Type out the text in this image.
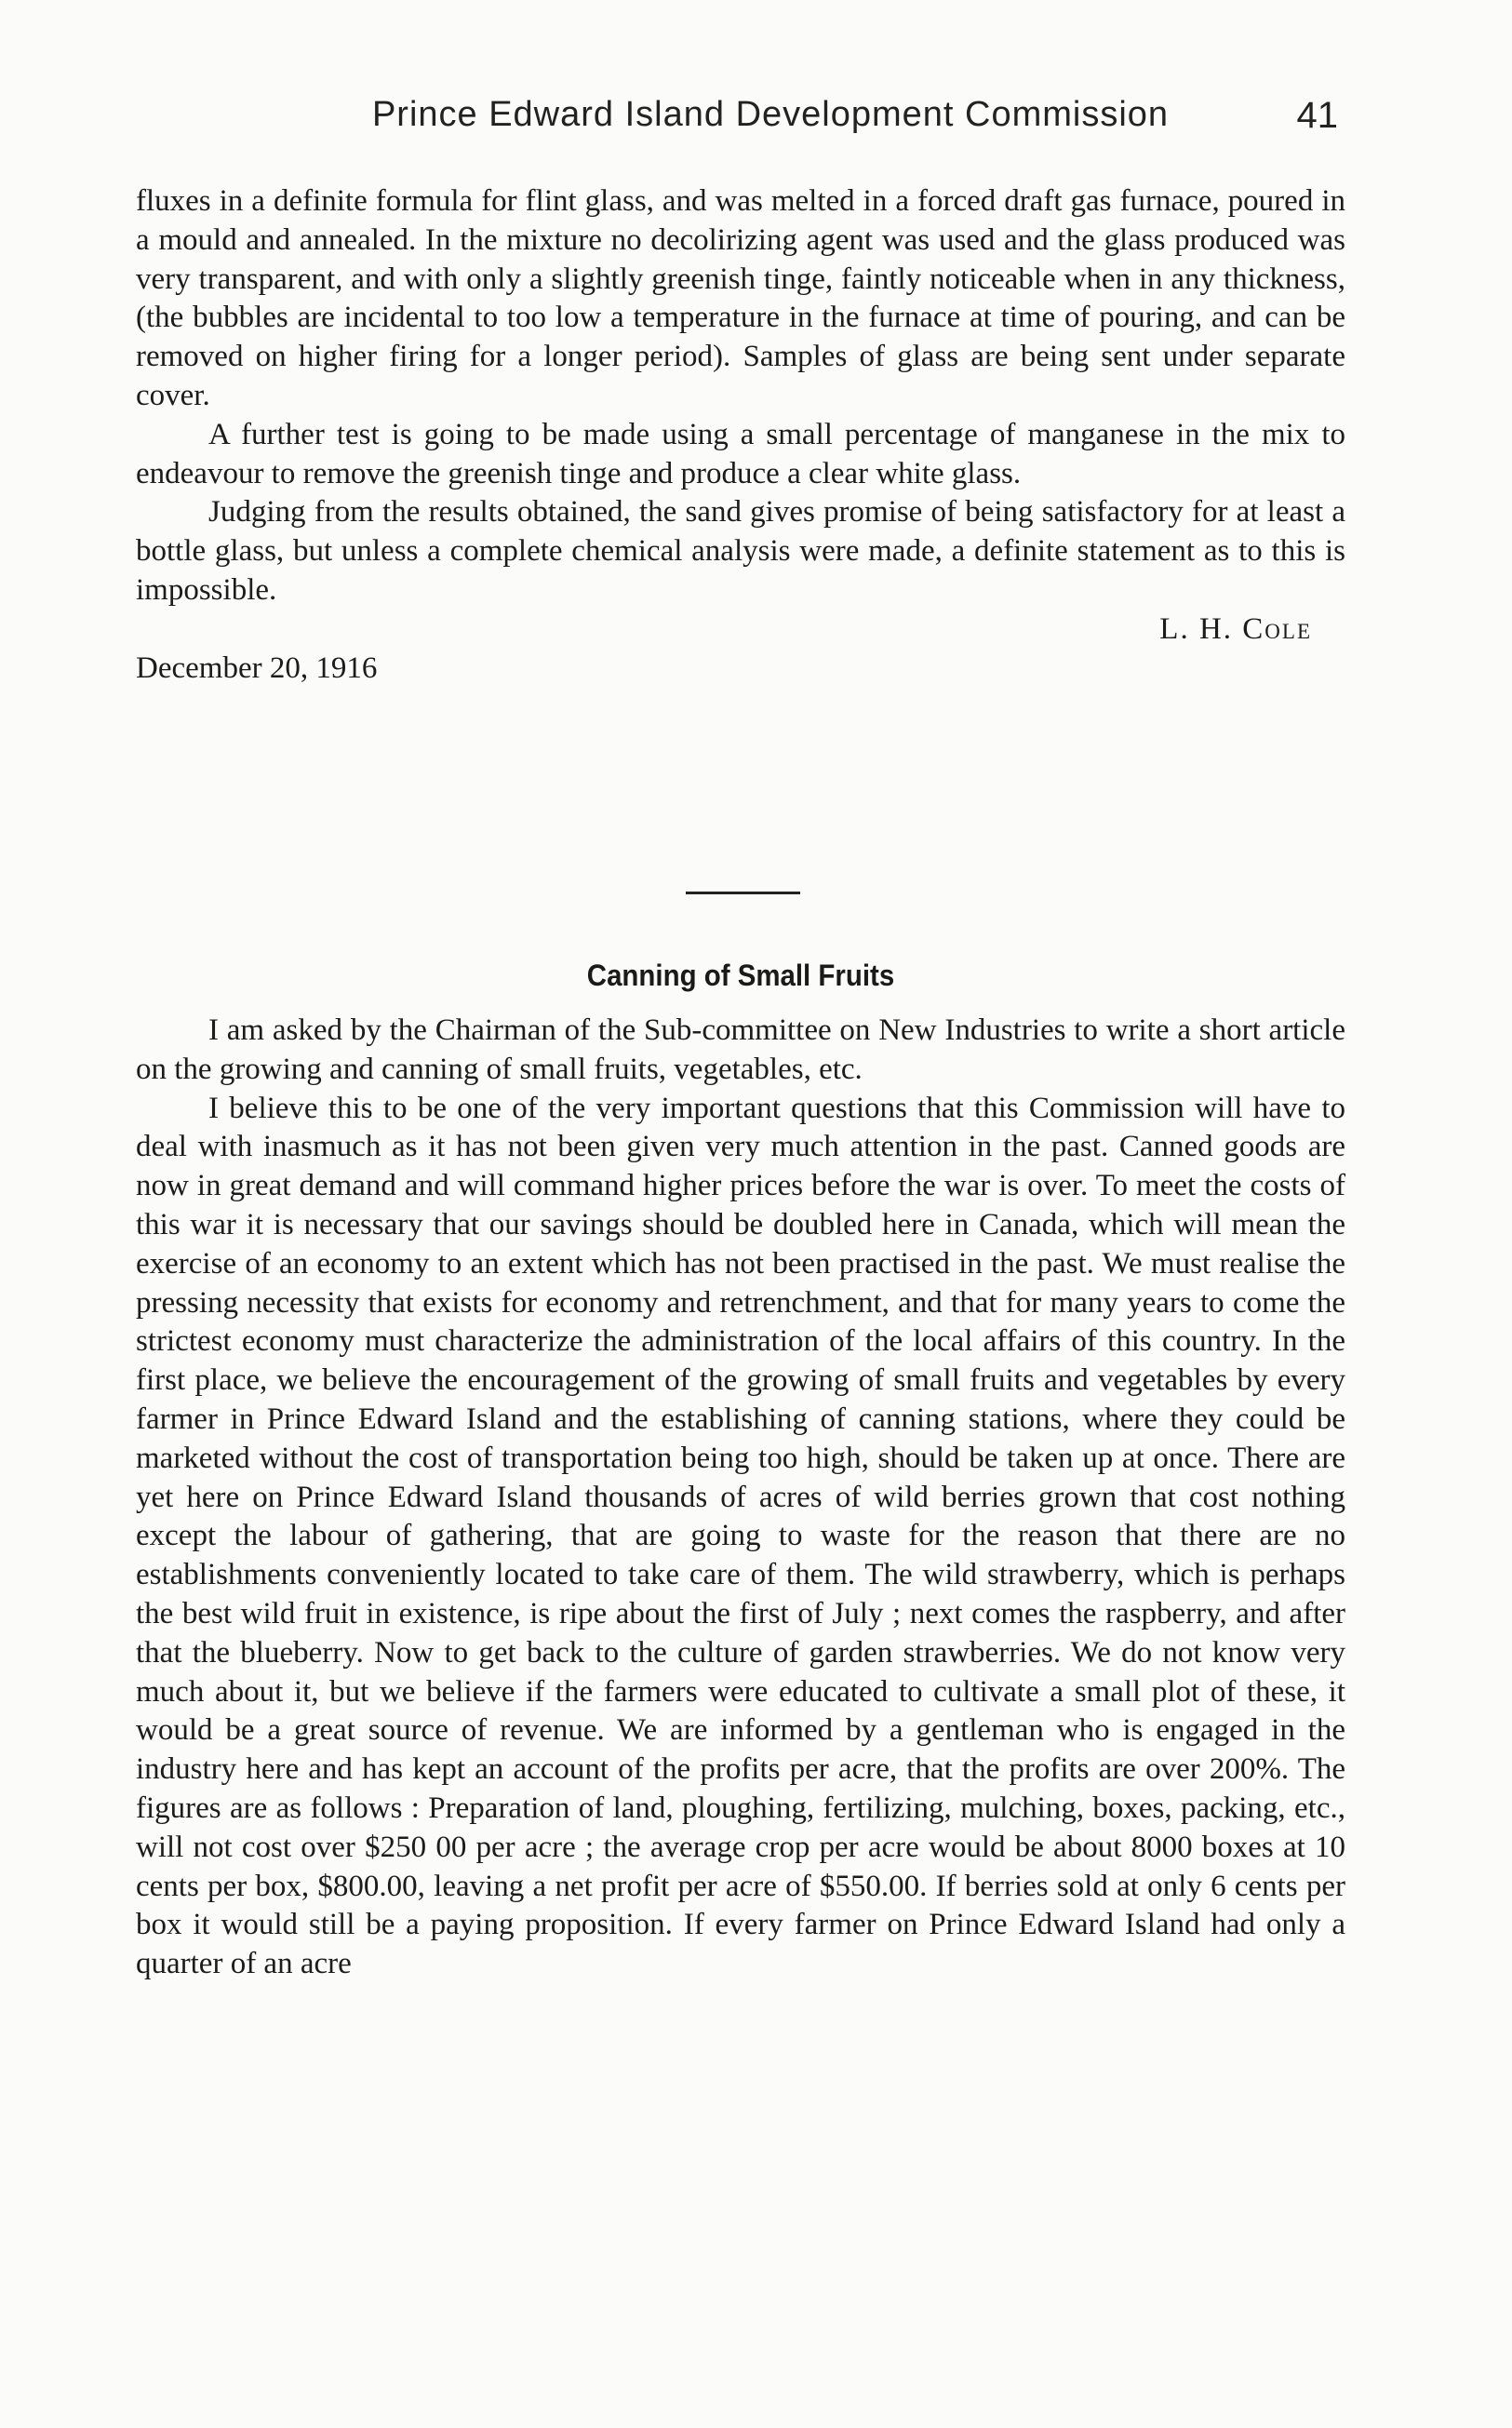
Prince Edward Island Development Commission	41

fluxes in a definite formula for flint glass, and was melted in a forced draft gas furnace, poured in a mould and annealed. In the mixture no decolirizing agent was used and the glass produced was very transparent, and with only a slightly greenish tinge, faintly noticeable when in any thickness, (the bubbles are incidental to too low a temperature in the furnace at time of pouring, and can be removed on higher firing for a longer period). Samples of glass are being sent under separate cover.

A further test is going to be made using a small percentage of manganese in the mix to endeavour to remove the greenish tinge and produce a clear white glass.

Judging from the results obtained, the sand gives promise of being satisfactory for at least a bottle glass, but unless a complete chemical analysis were made, a definite statement as to this is impossible.

L. H. Cole

December 20, 1916

Canning of Small Fruits

I am asked by the Chairman of the Sub-committee on New Industries to write a short article on the growing and canning of small fruits, vegetables, etc.

I believe this to be one of the very important questions that this Commission will have to deal with inasmuch as it has not been given very much attention in the past. Canned goods are now in great demand and will command higher prices before the war is over. To meet the costs of this war it is necessary that our savings should be doubled here in Canada, which will mean the exercise of an economy to an extent which has not been practised in the past. We must realise the pressing necessity that exists for economy and retrenchment, and that for many years to come the strictest economy must characterize the administration of the local affairs of this country. In the first place, we believe the encouragement of the growing of small fruits and vegetables by every farmer in Prince Edward Island and the establishing of canning stations, where they could be marketed without the cost of transportation being too high, should be taken up at once. There are yet here on Prince Edward Island thousands of acres of wild berries grown that cost nothing except the labour of gathering, that are going to waste for the reason that there are no establishments conveniently located to take care of them. The wild strawberry, which is perhaps the best wild fruit in existence, is ripe about the first of July ; next comes the raspberry, and after that the blueberry. Now to get back to the culture of garden strawberries. We do not know very much about it, but we believe if the farmers were educated to cultivate a small plot of these, it would be a great source of revenue. We are informed by a gentleman who is engaged in the industry here and has kept an account of the profits per acre, that the profits are over 200%. The figures are as follows : Preparation of land, ploughing, fertilizing, mulching, boxes, packing, etc., will not cost over $250 00 per acre ; the average crop per acre would be about 8000 boxes at 10 cents per box, $800.00, leaving a net profit per acre of $550.00. If berries sold at only 6 cents per box it would still be a paying proposition. If every farmer on Prince Edward Island had only a quarter of an acre
